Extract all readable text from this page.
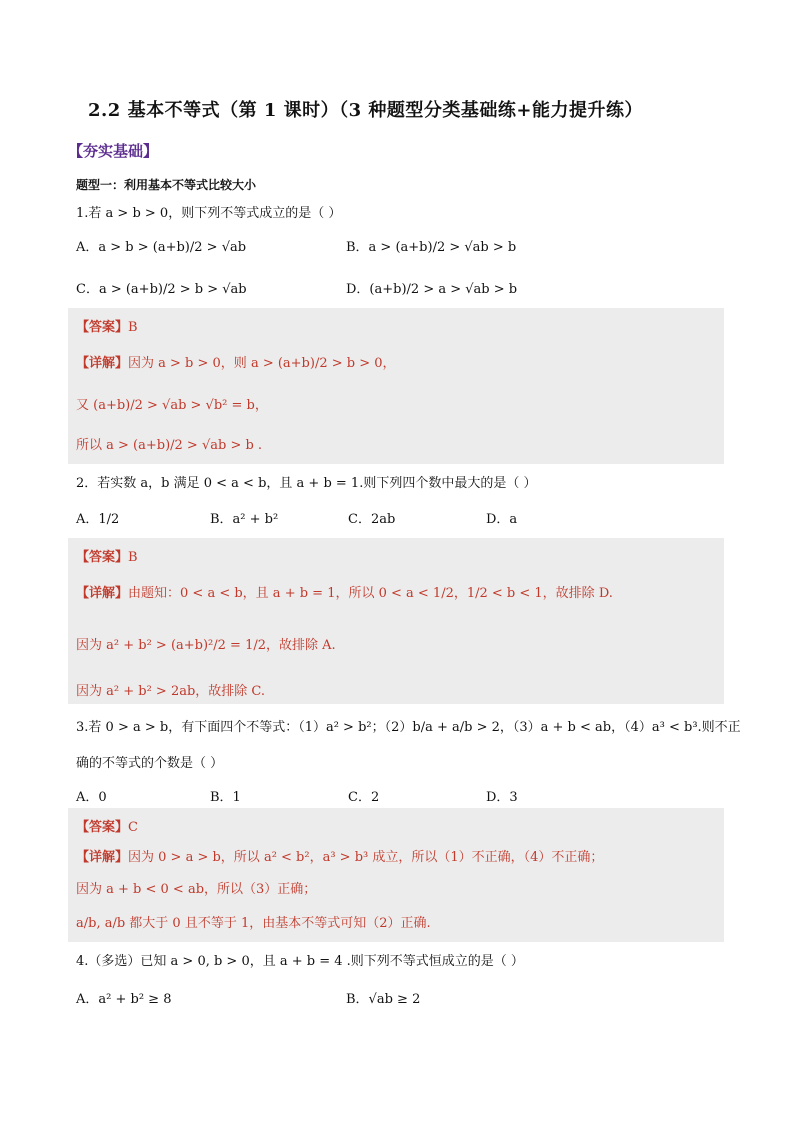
2.2 基本不等式（第 1 课时）（3 种题型分类基础练+能力提升练）
【夯实基础】
题型一：利用基本不等式比较大小
1.若 a > b > 0，则下列不等式成立的是（ ）
A．a > b > (a+b)/2 > √ab	B．a > (a+b)/2 > √ab > b
C．a > (a+b)/2 > b > √ab	D．(a+b)/2 > a > √ab > b
【答案】B
【详解】因为 a > b > 0，则 a > (a+b)/2 > b > 0，
又 (a+b)/2 > √ab > √b² = b，
所以 a > (a+b)/2 > √ab > b .
2．若实数 a，b 满足 0 < a < b，且 a + b = 1.则下列四个数中最大的是（ ）
A．1/2	B．a² + b²	C．2ab	D．a
【答案】B
【详解】由题知：0 < a < b，且 a + b = 1，所以 0 < a < 1/2，1/2 < b < 1，故排除 D.
因为 a² + b² > (a+b)²/2 = 1/2，故排除 A.
因为 a² + b² > 2ab，故排除 C.
3.若 0 > a > b，有下面四个不等式：（1）a² > b²；（2）b/a + a/b > 2，（3）a + b < ab，（4）a³ < b³.则不正
确的不等式的个数是（ ）
A．0	B．1	C．2	D．3
【答案】C
【详解】因为 0 > a > b，所以 a² < b²，a³ > b³ 成立，所以（1）不正确，（4）不正确；
因为 a + b < 0 < ab，所以（3）正确；
a/b, a/b 都大于 0 且不等于 1，由基本不等式可知（2）正确.
4.（多选）已知 a > 0, b > 0，且 a + b = 4 .则下列不等式恒成立的是（ ）
A．a² + b² ≥ 8	B．√ab ≥ 2
